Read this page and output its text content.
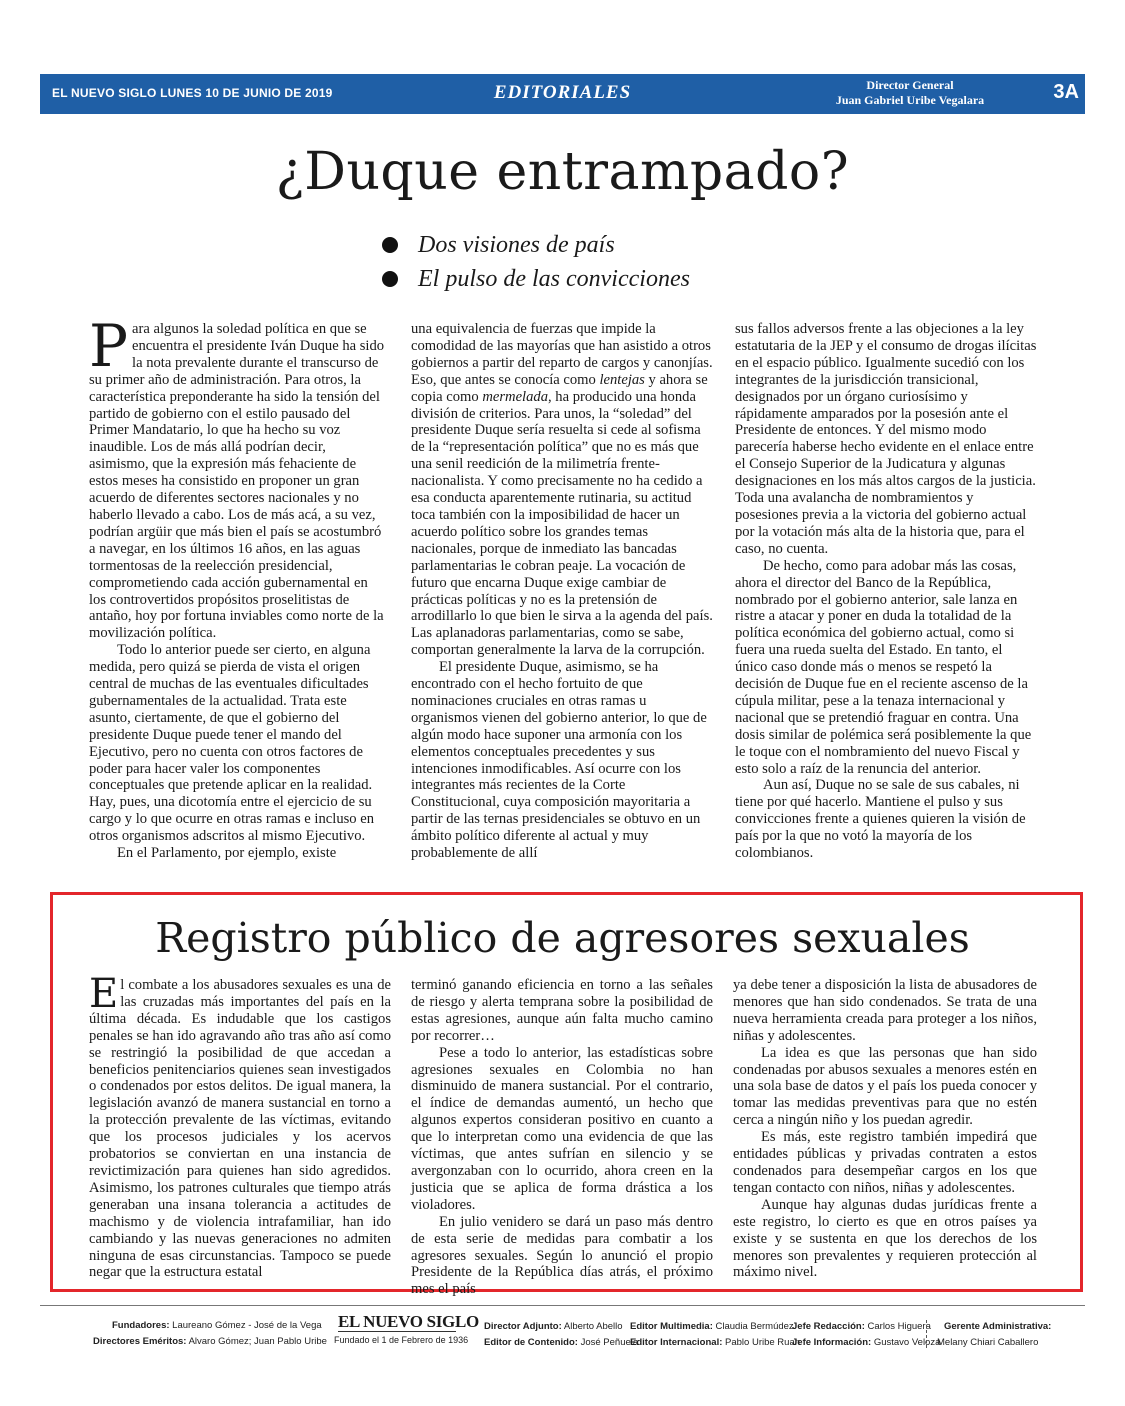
EL NUEVO SIGLO LUNES 10 DE JUNIO DE 2019	EDITORIALES	Director General
Juan Gabriel Uribe Vegalara	3A
¿Duque entrampado?
Dos visiones de país
El pulso de las convicciones

Para algunos la soledad política en que se encuentra el presidente Iván Duque ha sido la nota prevalente durante el transcurso de su primer año de administración. Para otros, la característica preponderante ha sido la tensión del partido de gobierno con el estilo pausado del Primer Mandatario, lo que ha hecho su voz inaudible. Los de más allá podrían decir, asimismo, que la expresión más fehaciente de estos meses ha consistido en proponer un gran acuerdo de diferentes sectores nacionales y no haberlo llevado a cabo. Los de más acá, a su vez, podrían argüir que más bien el país se acostumbró a navegar, en los últimos 16 años, en las aguas tormentosas de la reelección presidencial, comprometiendo cada acción gubernamental en los controvertidos propósitos proselitistas de antaño, hoy por fortuna inviables como norte de la movilización política.

Todo lo anterior puede ser cierto, en alguna medida, pero quizá se pierda de vista el origen central de muchas de las eventuales dificultades gubernamentales de la actualidad. Trata este asunto, ciertamente, de que el gobierno del presidente Duque puede tener el mando del Ejecutivo, pero no cuenta con otros factores de poder para hacer valer los componentes conceptuales que pretende aplicar en la realidad. Hay, pues, una dicotomía entre el ejercicio de su cargo y lo que ocurre en otras ramas e incluso en otros organismos adscritos al mismo Ejecutivo.

En el Parlamento, por ejemplo, existe

una equivalencia de fuerzas que impide la comodidad de las mayorías que han asistido a otros gobiernos a partir del reparto de cargos y canonjías. Eso, que antes se conocía como lentejas y ahora se copia como mermelada, ha producido una honda división de criterios. Para unos, la “soledad” del presidente Duque sería resuelta si cede al sofisma de la “representación política” que no es más que una senil reedición de la milimetría frente-nacionalista. Y como precisamente no ha cedido a esa conducta aparentemente rutinaria, su actitud toca también con la imposibilidad de hacer un acuerdo político sobre los grandes temas nacionales, porque de inmediato las bancadas parlamentarias le cobran peaje. La vocación de futuro que encarna Duque exige cambiar de prácticas políticas y no es la pretensión de arrodillarlo lo que bien le sirva a la agenda del país. Las aplanadoras parlamentarias, como se sabe, comportan generalmente la larva de la corrupción.

El presidente Duque, asimismo, se ha encontrado con el hecho fortuito de que nominaciones cruciales en otras ramas u organismos vienen del gobierno anterior, lo que de algún modo hace suponer una armonía con los elementos conceptuales precedentes y sus intenciones inmodificables. Así ocurre con los integrantes más recientes de la Corte Constitucional, cuya composición mayoritaria a partir de las ternas presidenciales se obtuvo en un ámbito político diferente al actual y muy probablemente de allí

sus fallos adversos frente a las objeciones a la ley estatutaria de la JEP y el consumo de drogas ilícitas en el espacio público. Igualmente sucedió con los integrantes de la jurisdicción transicional, designados por un órgano curiosísimo y rápidamente amparados por la posesión ante el Presidente de entonces. Y del mismo modo parecería haberse hecho evidente en el enlace entre el Consejo Superior de la Judicatura y algunas designaciones en los más altos cargos de la justicia. Toda una avalancha de nombramientos y posesiones previa a la victoria del gobierno actual por la votación más alta de la historia que, para el caso, no cuenta.

De hecho, como para adobar más las cosas, ahora el director del Banco de la República, nombrado por el gobierno anterior, sale lanza en ristre a atacar y poner en duda la totalidad de la política económica del gobierno actual, como si fuera una rueda suelta del Estado. En tanto, el único caso donde más o menos se respetó la decisión de Duque fue en el reciente ascenso de la cúpula militar, pese a la tenaza internacional y nacional que se pretendió fraguar en contra. Una dosis similar de polémica será posiblemente la que le toque con el nombramiento del nuevo Fiscal y esto solo a raíz de la renuncia del anterior.

Aun así, Duque no se sale de sus cabales, ni tiene por qué hacerlo. Mantiene el pulso y sus convicciones frente a quienes quieren la visión de país por la que no votó la mayoría de los colombianos.

Registro público de agresores sexuales

El combate a los abusadores sexuales es una de las cruzadas más importantes del país en la última década. Es indudable que los castigos penales se han ido agravando año tras año así como se restringió la posibilidad de que accedan a beneficios penitenciarios quienes sean investigados o condenados por estos delitos. De igual manera, la legislación avanzó de manera sustancial en torno a la protección prevalente de las víctimas, evitando que los procesos judiciales y los acervos probatorios se conviertan en una instancia de revictimización para quienes han sido agredidos. Asimismo, los patrones culturales que tiempo atrás generaban una insana tolerancia a actitudes de machismo y de violencia intrafamiliar, han ido cambiando y las nuevas generaciones no admiten ninguna de esas circunstancias. Tampoco se puede negar que la estructura estatal

terminó ganando eficiencia en torno a las señales de riesgo y alerta temprana sobre la posibilidad de estas agresiones, aunque aún falta mucho camino por recorrer…

Pese a todo lo anterior, las estadísticas sobre agresiones sexuales en Colombia no han disminuido de manera sustancial. Por el contrario, el índice de demandas aumentó, un hecho que algunos expertos consideran positivo en cuanto a que lo interpretan como una evidencia de que las víctimas, que antes sufrían en silencio y se avergonzaban con lo ocurrido, ahora creen en la justicia que se aplica de forma drástica a los violadores.

En julio venidero se dará un paso más dentro de esta serie de medidas para combatir a los agresores sexuales. Según lo anunció el propio Presidente de la República días atrás, el próximo mes el país

ya debe tener a disposición la lista de abusadores de menores que han sido condenados. Se trata de una nueva herramienta creada para proteger a los niños, niñas y adolescentes.

La idea es que las personas que han sido condenadas por abusos sexuales a menores estén en una sola base de datos y el país los pueda conocer y tomar las medidas preventivas para que no estén cerca a ningún niño y los puedan agredir.

Es más, este registro también impedirá que entidades públicas y privadas contraten a estos condenados para desempeñar cargos en los que tengan contacto con niños, niñas y adolescentes.

Aunque hay algunas dudas jurídicas frente a este registro, lo cierto es que en otros países ya existe y se sustenta en que los derechos de los menores son prevalentes y requieren protección al máximo nivel.

Fundadores: Laureano Gómez - José de la Vega
Directores Eméritos: Alvaro Gómez; Juan Pablo Uribe
EL NUEVO SIGLO
Fundado el 1 de Febrero de 1936
Director Adjunto: Alberto Abello
Editor de Contenido: José Peñuela
Editor Multimedia: Claudia Bermúdez
Editor Internacional: Pablo Uribe Ruan
Jefe Redacción: Carlos Higuera
Jefe Información: Gustavo Veloza
Gerente Administrativa:
Melany Chiari Caballero
